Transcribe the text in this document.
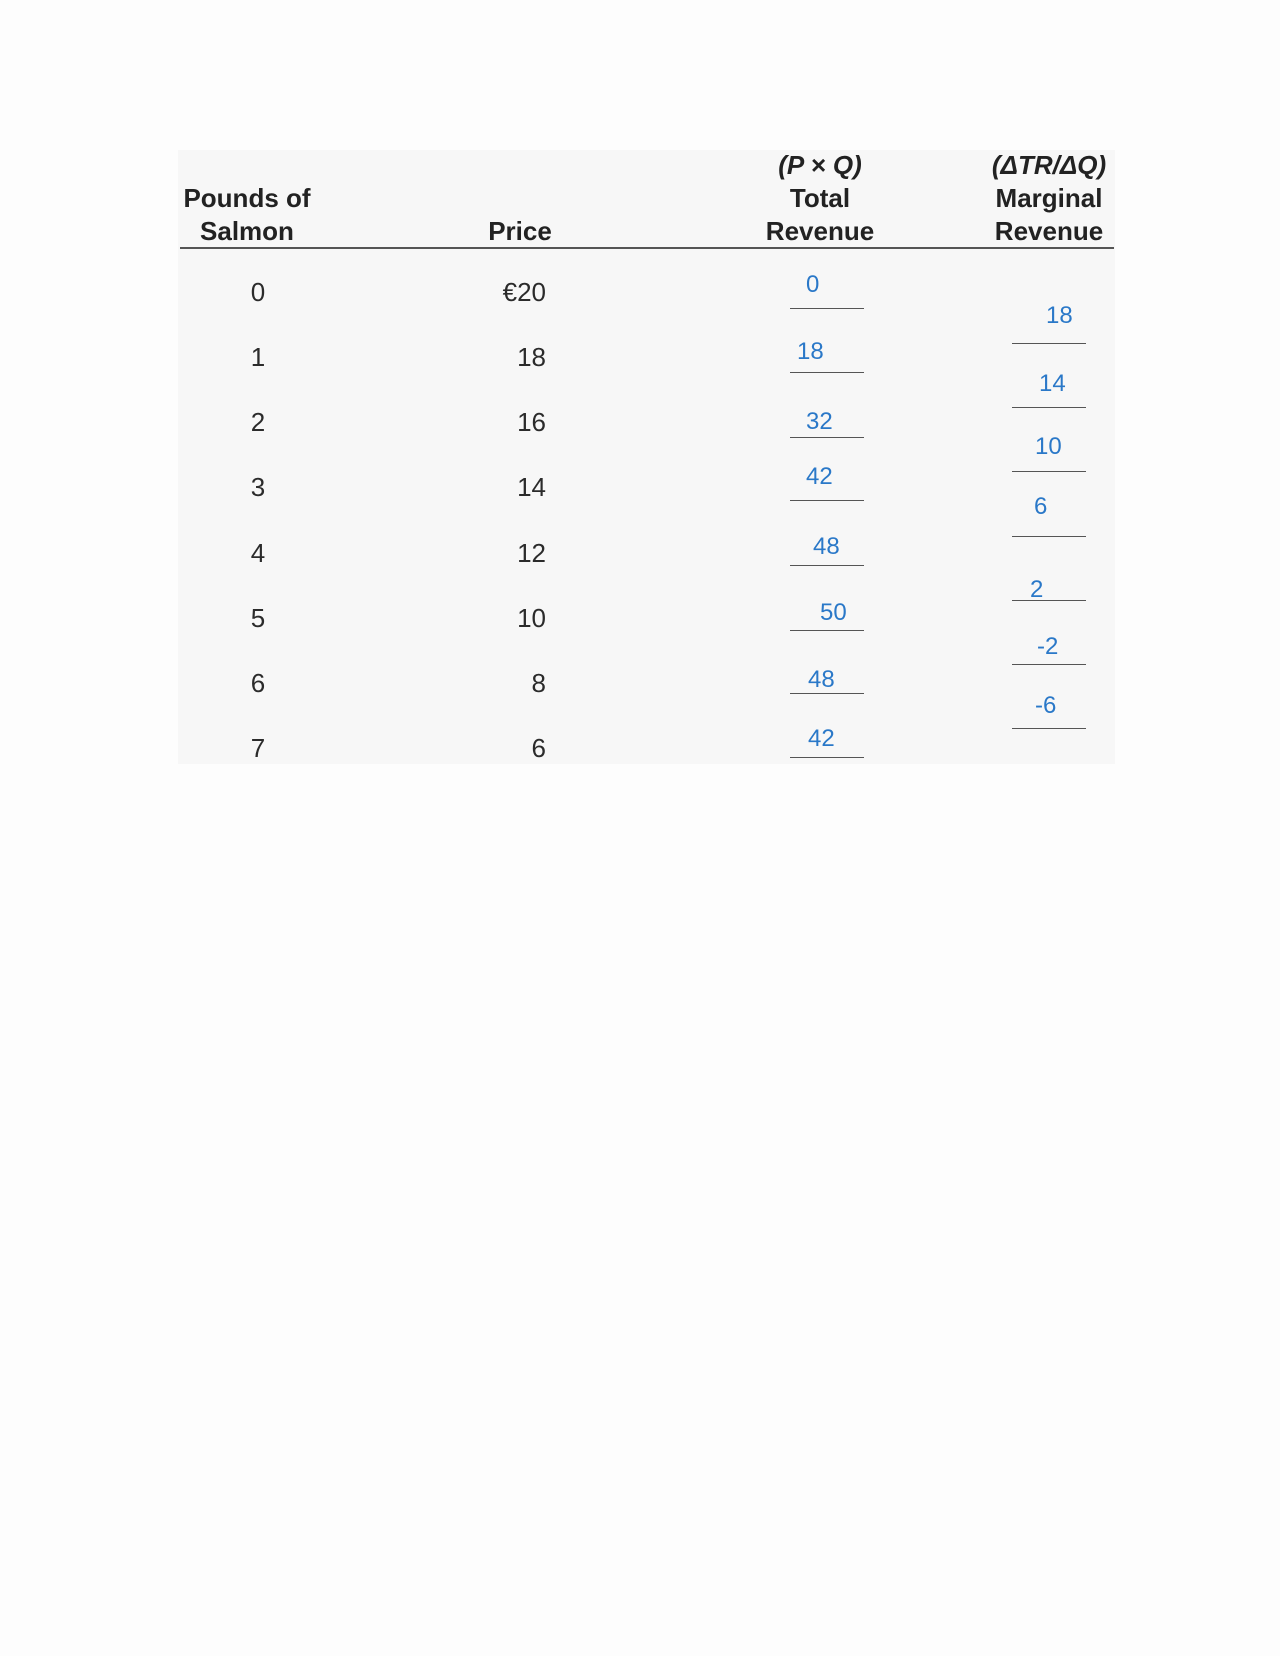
Pounds of
Salmon	Price
(P × Q)
Total
Revenue
(ΔTR/ΔQ)
Marginal
Revenue
0
1
2
3
4
5
6
7
€20
18
16
14
12
10
8
6
0
18
32
42
48
50
48
42
18
14
10
6
2
-2
-6
